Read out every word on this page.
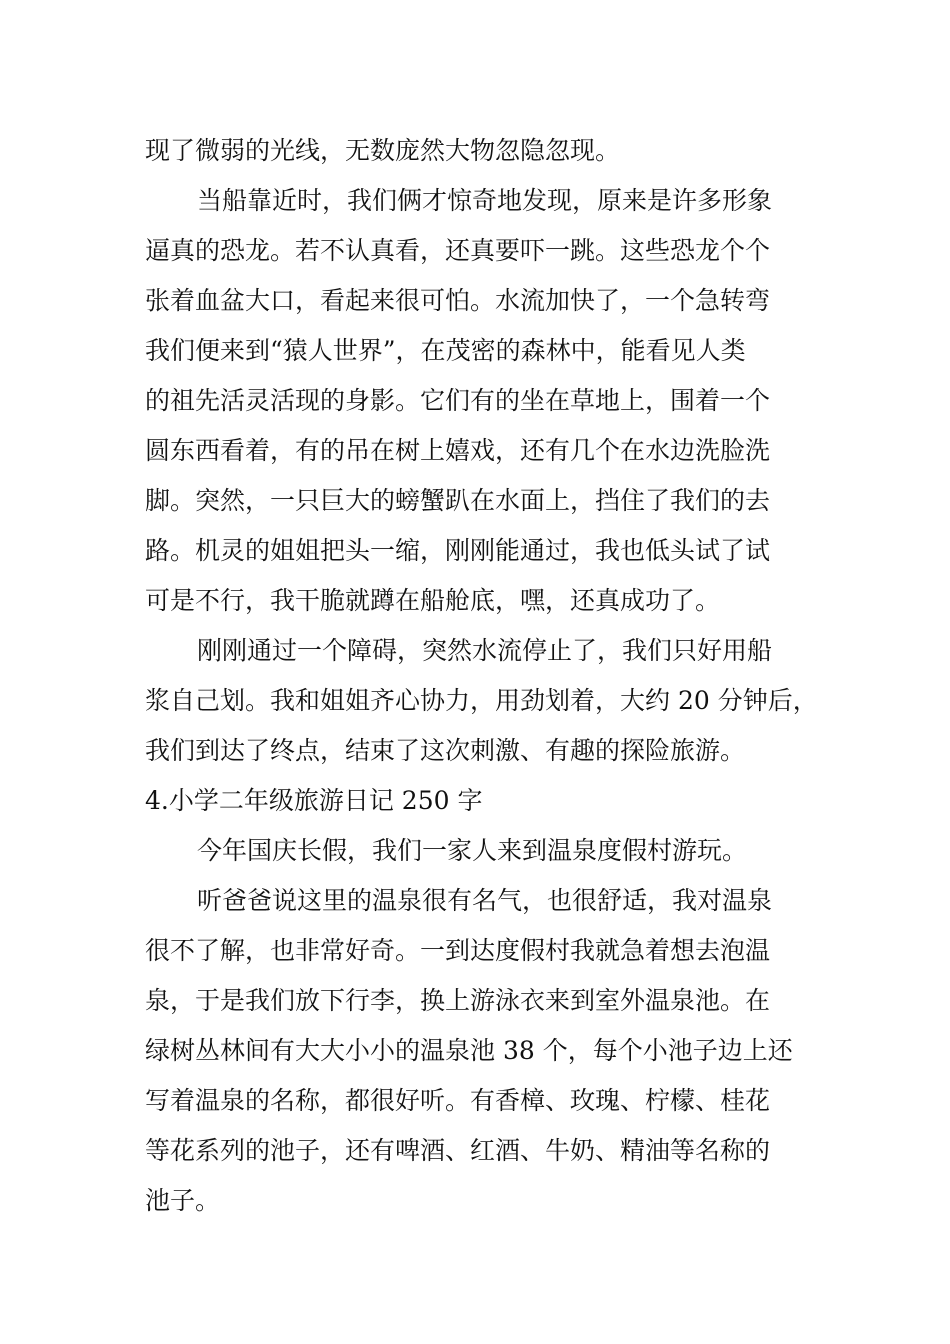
现了微弱的光线，无数庞然大物忽隐忽现。
当船靠近时，我们俩才惊奇地发现，原来是许多形象
逼真的恐龙。若不认真看，还真要吓一跳。这些恐龙个个
张着血盆大口，看起来很可怕。水流加快了，一个急转弯
我们便来到“猿人世界”，在茂密的森林中，能看见人类
的祖先活灵活现的身影。它们有的坐在草地上，围着一个
圆东西看着，有的吊在树上嬉戏，还有几个在水边洗脸洗
脚。突然，一只巨大的螃蟹趴在水面上，挡住了我们的去
路。机灵的姐姐把头一缩，刚刚能通过，我也低头试了试
可是不行，我干脆就蹲在船舱底，嘿，还真成功了。
刚刚通过一个障碍，突然水流停止了，我们只好用船
浆自己划。我和姐姐齐心协力，用劲划着，大约 20 分钟后，
我们到达了终点，结束了这次刺激、有趣的探险旅游。
4.小学二年级旅游日记 250 字
今年国庆长假，我们一家人来到温泉度假村游玩。
听爸爸说这里的温泉很有名气，也很舒适，我对温泉
很不了解，也非常好奇。一到达度假村我就急着想去泡温
泉，于是我们放下行李，换上游泳衣来到室外温泉池。在
绿树丛林间有大大小小的温泉池 38 个，每个小池子边上还
写着温泉的名称，都很好听。有香樟、玫瑰、柠檬、桂花
等花系列的池子，还有啤酒、红酒、牛奶、精油等名称的
池子。
